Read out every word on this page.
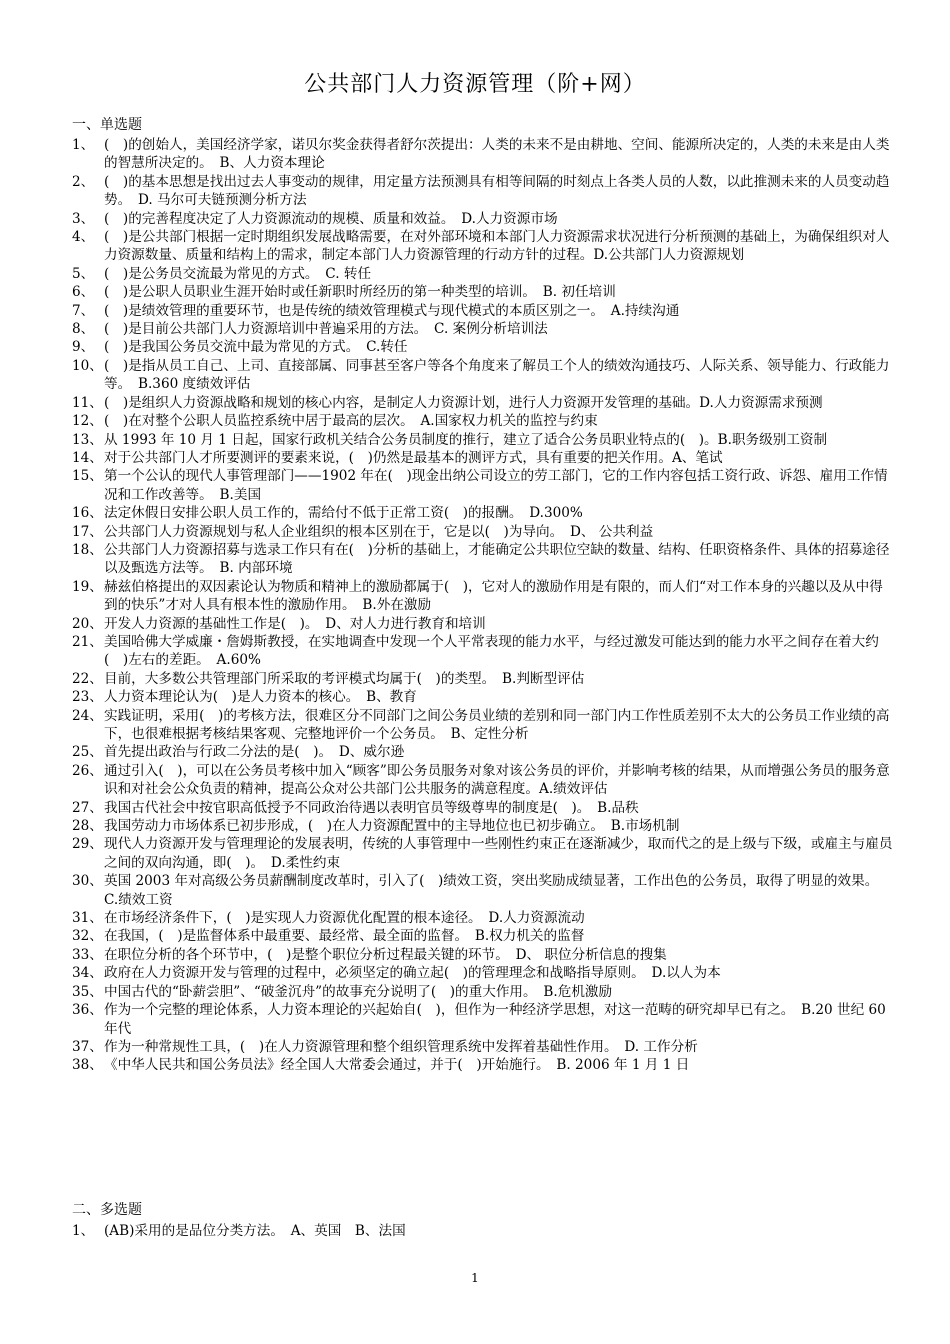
公共部门人力资源管理（阶+网）
一、单选题
1、 (　)的创始人，美国经济学家，诺贝尔奖金获得者舒尔茨提出：人类的未来不是由耕地、空间、能源所决定的，人类的未来是由人类的智慧所决定的。　B、人力资本理论
2、 (　)的基本思想是找出过去人事变动的规律，用定量方法预测具有相等间隔的时刻点上各类人员的人数，以此推测未来的人员变动趋势。　D. 马尔可夫链预测分析方法
3、 (　)的完善程度决定了人力资源流动的规模、质量和效益。　D.人力资源市场
4、 (　)是公共部门根据一定时期组织发展战略需要，在对外部环境和本部门人力资源需求状况进行分析预测的基础上，为确保组织对人力资源数量、质量和结构上的需求，制定本部门人力资源管理的行动方针的过程。D.公共部门人力资源规划
5、 (　)是公务员交流最为常见的方式。　C. 转任
6、 (　)是公职人员职业生涯开始时或任新职时所经历的第一种类型的培训。　B. 初任培训
7、 (　)是绩效管理的重要环节，也是传统的绩效管理模式与现代模式的本质区别之一。　A.持续沟通
8、 (　)是目前公共部门人力资源培训中普遍采用的方法。　C. 案例分析培训法
9、 (　)是我国公务员交流中最为常见的方式。　C.转任
10、 (　)是指从员工自己、上司、直接部属、同事甚至客户等各个角度来了解员工个人的绩效沟通技巧、人际关系、领导能力、行政能力等。　B.360 度绩效评估
11、 (　)是组织人力资源战略和规划的核心内容，是制定人力资源计划，进行人力资源开发管理的基础。D.人力资源需求预测
12、 (　)在对整个公职人员监控系统中居于最高的层次。　A.国家权力机关的监控与约束
13、 从 1993 年 10 月 1 日起，国家行政机关结合公务员制度的推行，建立了适合公务员职业特点的(　)。B.职务级别工资制
14、 对于公共部门人才所要测评的要素来说，(　)仍然是最基本的测评方式，具有重要的把关作用。A、笔试
15、 第一个公认的现代人事管理部门——1902 年在(　)现金出纳公司设立的劳工部门，它的工作内容包括工资行政、诉怨、雇用工作情况和工作改善等。　B.美国
16、 法定休假日安排公职人员工作的，需给付不低于正常工资(　)的报酬。　D.300%
17、 公共部门人力资源规划与私人企业组织的根本区别在于，它是以(　)为导向。　D、 公共利益
18、 公共部门人力资源招募与选录工作只有在(　)分析的基础上，才能确定公共职位空缺的数量、结构、任职资格条件、具体的招募途径以及甄选方法等。　B. 内部环境
19、 赫兹伯格提出的双因素论认为物质和精神上的激励都属于(　)，它对人的激励作用是有限的，而人们“对工作本身的兴趣以及从中得到的快乐”才对人具有根本性的激励作用。　B.外在激励
20、 开发人力资源的基础性工作是(　)。　D、对人力进行教育和培训
21、 美国哈佛大学威廉・詹姆斯教授，在实地调查中发现一个人平常表现的能力水平，与经过激发可能达到的能力水平之间存在着大约(　)左右的差距。　A.60%
22、 目前，大多数公共管理部门所采取的考评模式均属于(　)的类型。　B.判断型评估
23、 人力资本理论认为(　)是人力资本的核心。　B、教育
24、 实践证明，采用(　)的考核方法，很难区分不同部门之间公务员业绩的差别和同一部门内工作性质差别不太大的公务员工作业绩的高下，也很难根据考核结果客观、完整地评价一个公务员。　B、定性分析
25、 首先提出政治与行政二分法的是(　)。　D、威尔逊
26、 通过引入(　)，可以在公务员考核中加入“顾客”即公务员服务对象对该公务员的评价，并影响考核的结果，从而增强公务员的服务意识和对社会公众负责的精神，提高公众对公共部门公共服务的满意程度。A.绩效评估
27、 我国古代社会中按官职高低授予不同政治待遇以表明官员等级尊卑的制度是(　)。　B.品秩
28、 我国劳动力市场体系已初步形成，(　)在人力资源配置中的主导地位也已初步确立。　B.市场机制
29、 现代人力资源开发与管理理论的发展表明，传统的人事管理中一些刚性约束正在逐渐减少，取而代之的是上级与下级，或雇主与雇员之间的双向沟通，即(　)。　D.柔性约束
30、 英国 2003 年对高级公务员薪酬制度改革时，引入了(　)绩效工资，突出奖励成绩显著，工作出色的公务员，取得了明显的效果。　C.绩效工资
31、 在市场经济条件下，(　)是实现人力资源优化配置的根本途径。　D.人力资源流动
32、 在我国，(　)是监督体系中最重要、最经常、最全面的监督。　B.权力机关的监督
33、 在职位分析的各个环节中，(　)是整个职位分析过程最关键的环节。　D、 职位分析信息的搜集
34、 政府在人力资源开发与管理的过程中，必须坚定的确立起(　)的管理理念和战略指导原则。　D.以人为本
35、 中国古代的“卧薪尝胆”、“破釜沉舟”的故事充分说明了(　)的重大作用。　B.危机激励
36、 作为一个完整的理论体系，人力资本理论的兴起始自(　)，但作为一种经济学思想，对这一范畴的研究却早已有之。　B.20 世纪 60 年代
37、 作为一种常规性工具，(　)在人力资源管理和整个组织管理系统中发挥着基础性作用。　D. 工作分析
38、 《中华人民共和国公务员法》经全国人大常委会通过，并于(　)开始施行。　B. 2006 年 1 月 1 日
二、多选题
1、 (AB)采用的是品位分类方法。　A、英国　B、法国
1
